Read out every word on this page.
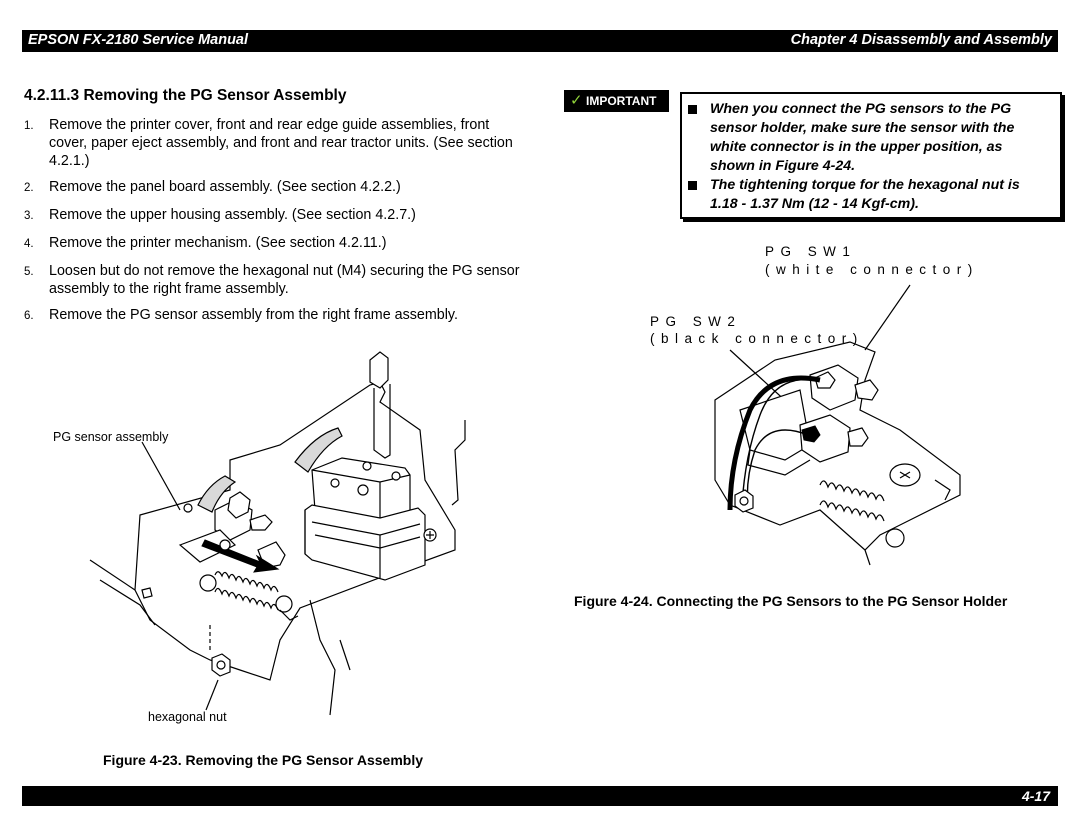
EPSON FX-2180 Service Manual	Chapter 4 Disassembly and Assembly
4.2.11.3 Removing the PG Sensor Assembly
1. Remove the printer cover, front and rear edge guide assemblies, front cover, paper eject assembly, and front and rear tractor units. (See section 4.2.1.)
2. Remove the panel board assembly. (See section 4.2.2.)
3. Remove the upper housing assembly. (See section 4.2.7.)
4. Remove the printer mechanism. (See section 4.2.11.)
5. Loosen but do not remove the hexagonal nut (M4) securing the PG sensor assembly to the right frame assembly.
6. Remove the PG sensor assembly from the right frame assembly.
✓ IMPORTANT	When you connect the PG sensors to the PG sensor holder, make sure the sensor with the white connector is in the upper position, as shown in Figure 4-24.
The tightening torque for the hexagonal nut is 1.18 - 1.37 Nm (12 - 14 Kgf-cm).
PG sensor assembly
hexagonal nut
Figure 4-23. Removing the PG Sensor Assembly
PG SW1
(white connector)
PG SW2
(black connector)
Figure 4-24. Connecting the PG Sensors to the PG Sensor Holder
4-17
